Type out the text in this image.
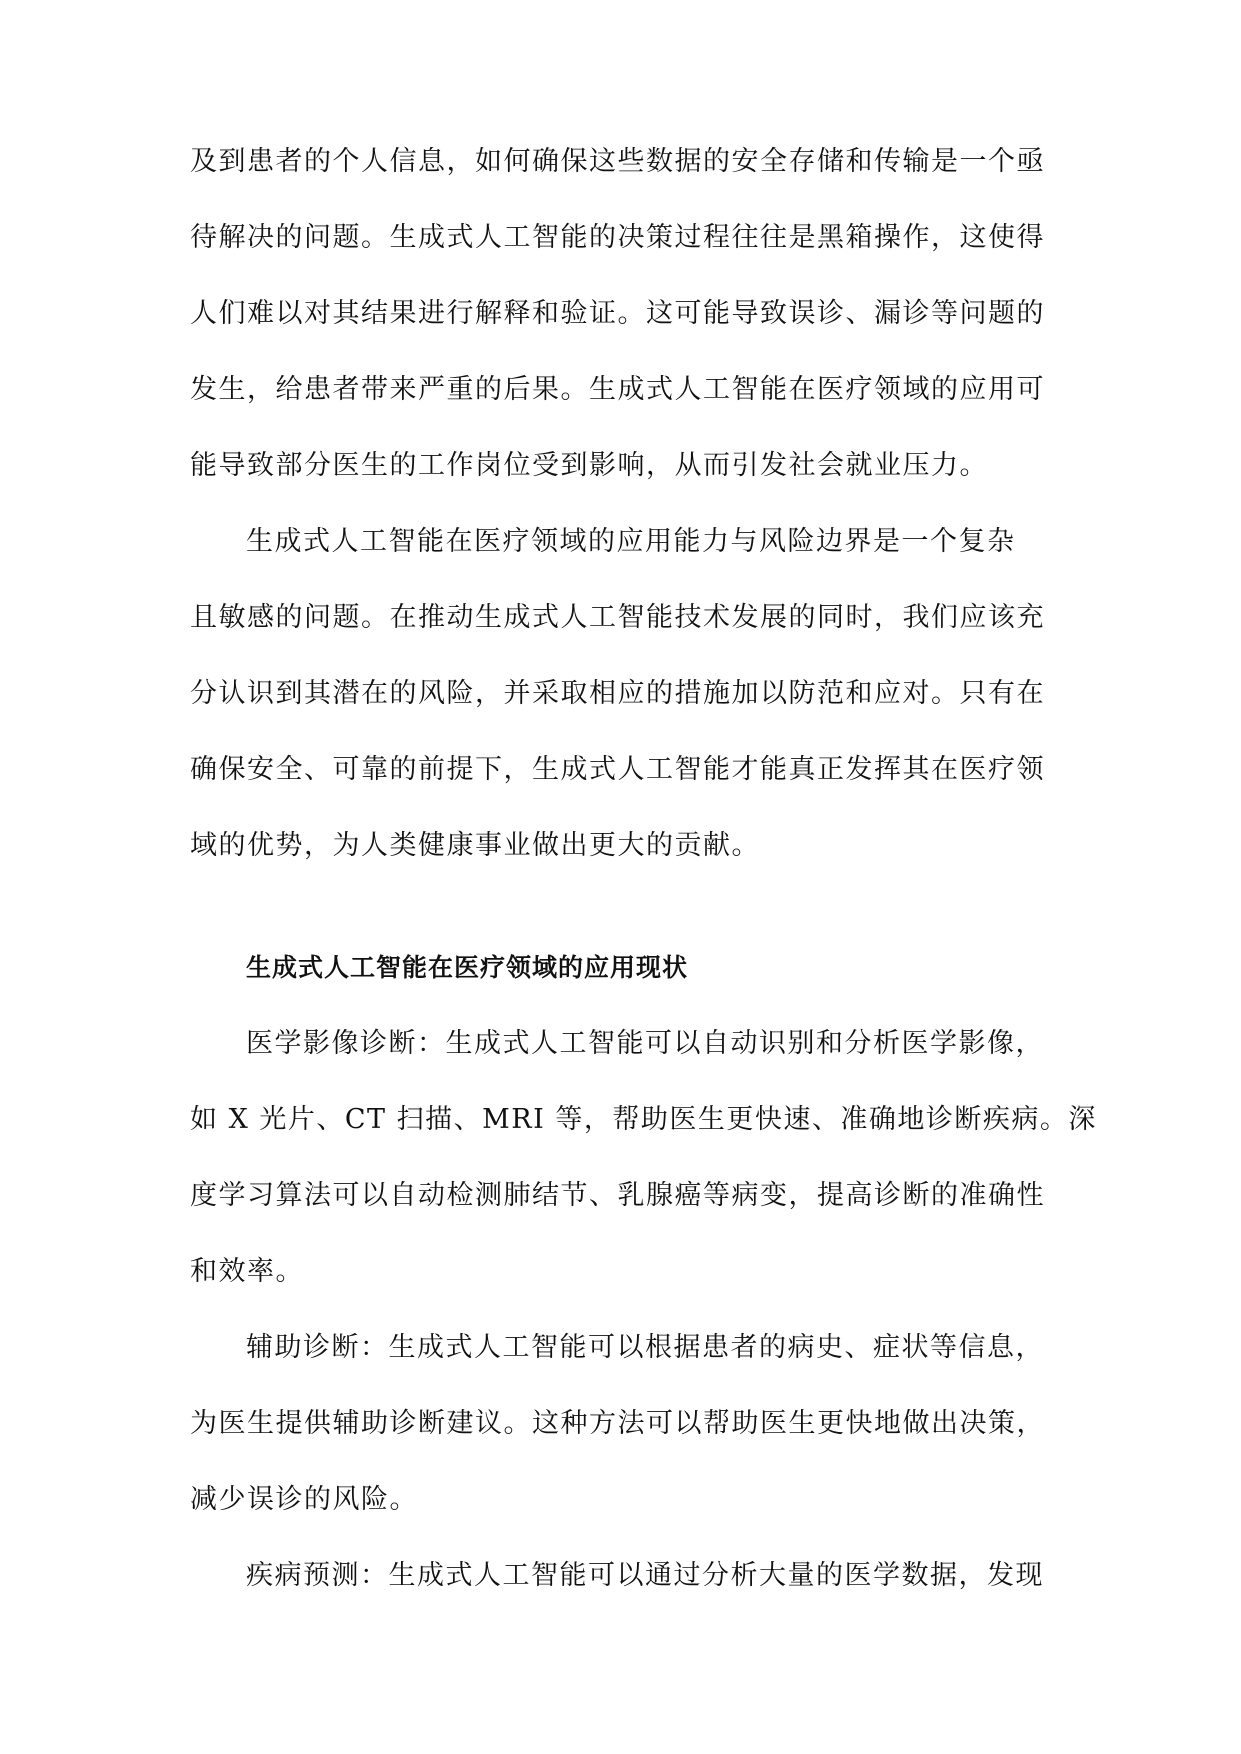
及到患者的个人信息，如何确保这些数据的安全存储和传输是一个亟
待解决的问题。生成式人工智能的决策过程往往是黑箱操作，这使得
人们难以对其结果进行解释和验证。这可能导致误诊、漏诊等问题的
发生，给患者带来严重的后果。生成式人工智能在医疗领域的应用可
能导致部分医生的工作岗位受到影响，从而引发社会就业压力。
生成式人工智能在医疗领域的应用能力与风险边界是一个复杂
且敏感的问题。在推动生成式人工智能技术发展的同时，我们应该充
分认识到其潜在的风险，并采取相应的措施加以防范和应对。只有在
确保安全、可靠的前提下，生成式人工智能才能真正发挥其在医疗领
域的优势，为人类健康事业做出更大的贡献。
生成式人工智能在医疗领域的应用现状
医学影像诊断：生成式人工智能可以自动识别和分析医学影像，
如 X 光片、CT 扫描、MRI 等，帮助医生更快速、准确地诊断疾病。深
度学习算法可以自动检测肺结节、乳腺癌等病变，提高诊断的准确性
和效率。
辅助诊断：生成式人工智能可以根据患者的病史、症状等信息，
为医生提供辅助诊断建议。这种方法可以帮助医生更快地做出决策，
减少误诊的风险。
疾病预测：生成式人工智能可以通过分析大量的医学数据，发现
